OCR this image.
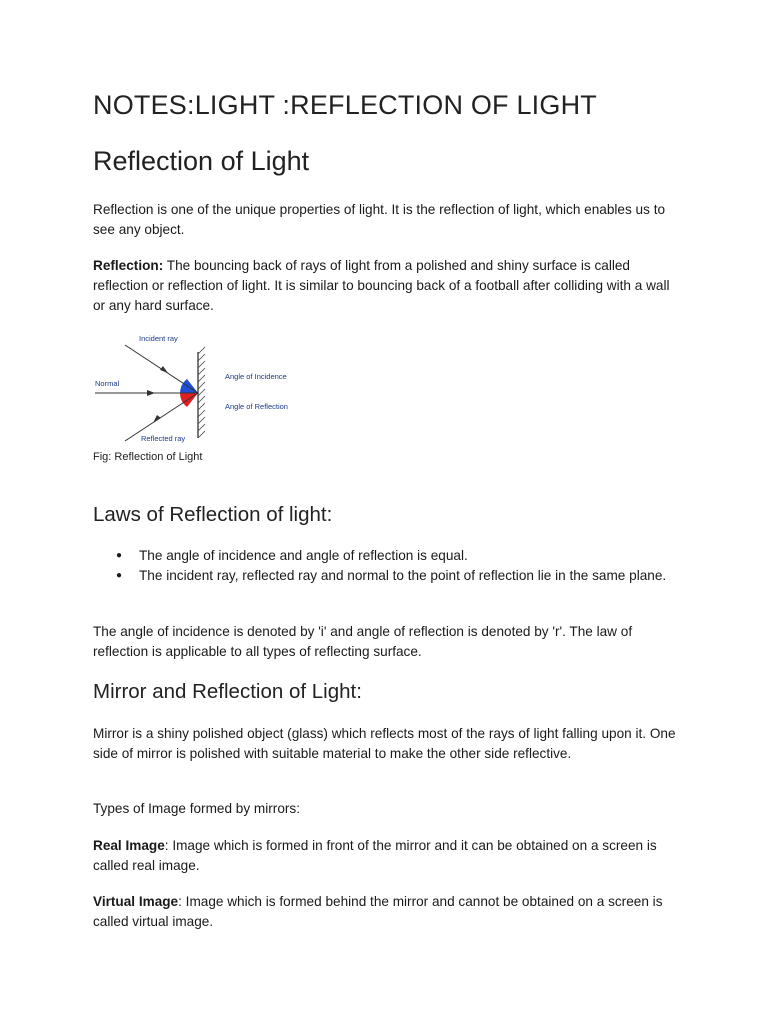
NOTES:LIGHT :REFLECTION OF LIGHT
Reflection of Light

Reflection is one of the unique properties of light. It is the reflection of light, which enables us to see any object.

Reflection: The bouncing back of rays of light from a polished and shiny surface is called reflection or reflection of light. It is similar to bouncing back of a football after colliding with a wall or any hard surface.

Incident ray
Normal
Reflected ray
Angle of Incidence
Angle of Reflection

Fig: Reflection of Light

Laws of Reflection of light:
● The angle of incidence and angle of reflection is equal.
● The incident ray, reflected ray and normal to the point of reflection lie in the same plane.

The angle of incidence is denoted by 'i' and angle of reflection is denoted by 'r'. The law of reflection is applicable to all types of reflecting surface.

Mirror and Reflection of Light:

Mirror is a shiny polished object (glass) which reflects most of the rays of light falling upon it. One side of mirror is polished with suitable material to make the other side reflective.

Types of Image formed by mirrors:

Real Image: Image which is formed in front of the mirror and it can be obtained on a screen is called real image.

Virtual Image: Image which is formed behind the mirror and cannot be obtained on a screen is called virtual image.
